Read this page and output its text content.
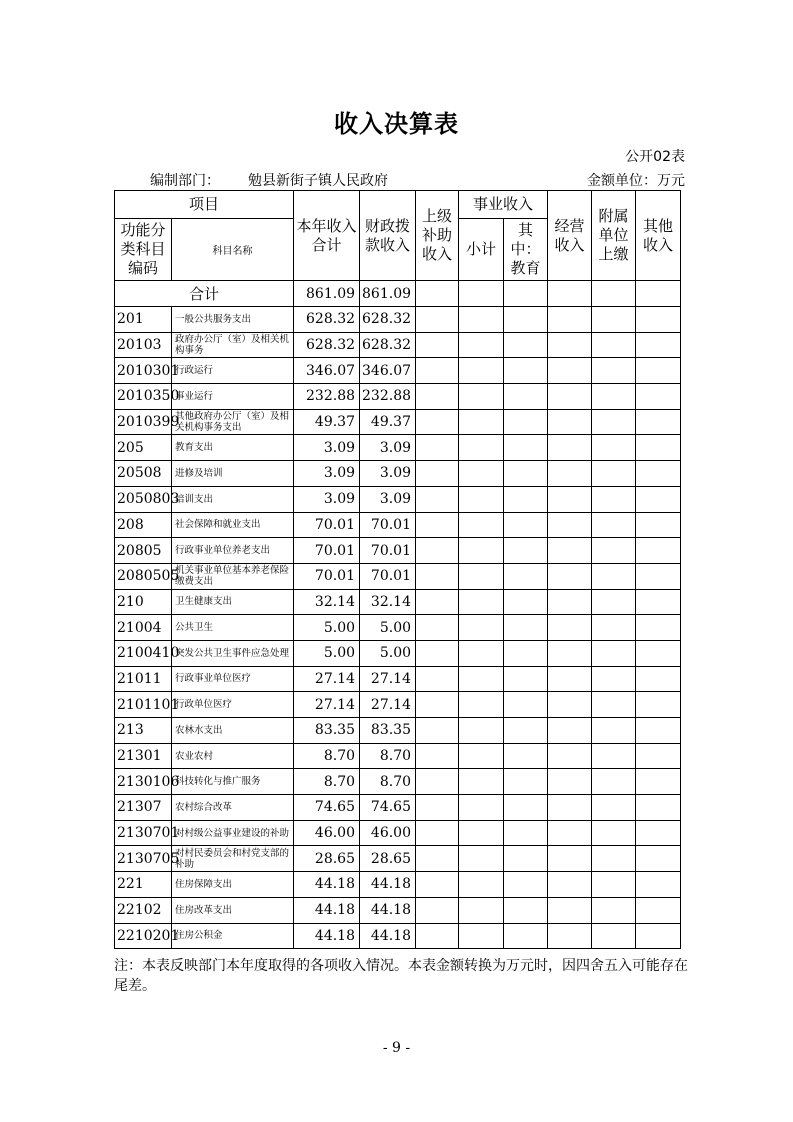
收入决算表
公开02表
编制部门： 勉县新街子镇人民政府	金额单位：万元
项目		本年收入合计	财政拨款收入	上级补助收入	事业收入		经营收入	附属单位上缴	其他收入
功能分类科目编码	科目名称				小计	其中：教育			
合计		861.09	861.09						
201	一般公共服务支出	628.32	628.32						
20103	政府办公厅（室）及相关机构事务	628.32	628.32						
2010301	行政运行	346.07	346.07						
2010350	事业运行	232.88	232.88						
2010399	其他政府办公厅（室）及相关机构事务支出	49.37	49.37						
205	教育支出	3.09	3.09						
20508	进修及培训	3.09	3.09						
2050803	培训支出	3.09	3.09						
208	社会保障和就业支出	70.01	70.01						
20805	行政事业单位养老支出	70.01	70.01						
2080505	机关事业单位基本养老保险缴费支出	70.01	70.01						
210	卫生健康支出	32.14	32.14						
21004	公共卫生	5.00	5.00						
2100410	突发公共卫生事件应急处理	5.00	5.00						
21011	行政事业单位医疗	27.14	27.14						
2101101	行政单位医疗	27.14	27.14						
213	农林水支出	83.35	83.35						
21301	农业农村	8.70	8.70						
2130106	科技转化与推广服务	8.70	8.70						
21307	农村综合改革	74.65	74.65						
2130701	对村级公益事业建设的补助	46.00	46.00						
2130705	对村民委员会和村党支部的补助	28.65	28.65						
221	住房保障支出	44.18	44.18						
22102	住房改革支出	44.18	44.18						
2210201	住房公积金	44.18	44.18						
注：本表反映部门本年度取得的各项收入情况。本表金额转换为万元时，因四舍五入可能存在尾差。
- 9 -
